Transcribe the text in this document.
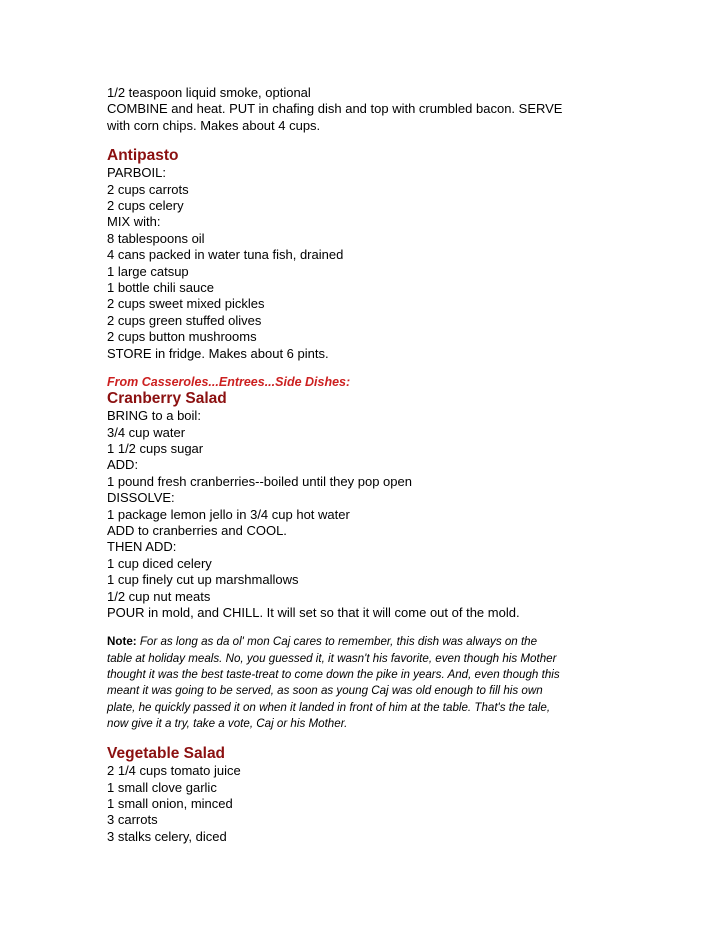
1/2 teaspoon liquid smoke, optional
COMBINE and heat. PUT in chafing dish and top with crumbled bacon. SERVE
with corn chips. Makes about 4 cups.
Antipasto
PARBOIL:
2 cups carrots
2 cups celery
MIX with:
8 tablespoons oil
4 cans packed in water tuna fish, drained
1 large catsup
1 bottle chili sauce
2 cups sweet mixed pickles
2 cups green stuffed olives
2 cups button mushrooms
STORE in fridge. Makes about 6 pints.
From Casseroles...Entrees...Side Dishes:
Cranberry Salad
BRING to a boil:
3/4 cup water
1 1/2 cups sugar
ADD:
1 pound fresh cranberries--boiled until they pop open
DISSOLVE:
1 package lemon jello in 3/4 cup hot water
ADD to cranberries and COOL.
THEN ADD:
1 cup diced celery
1 cup finely cut up marshmallows
1/2 cup nut meats
POUR in mold, and CHILL. It will set so that it will come out of the mold.
Note: For as long as da ol' mon Caj cares to remember, this dish was always on the
table at holiday meals. No, you guessed it, it wasn't his favorite, even though his Mother
thought it was the best taste-treat to come down the pike in years. And, even though this
meant it was going to be served, as soon as young Caj was old enough to fill his own
plate, he quickly passed it on when it landed in front of him at the table. That's the tale,
now give it a try, take a vote, Caj or his Mother.
Vegetable Salad
2 1/4 cups tomato juice
1 small clove garlic
1 small onion, minced
3 carrots
3 stalks celery, diced
